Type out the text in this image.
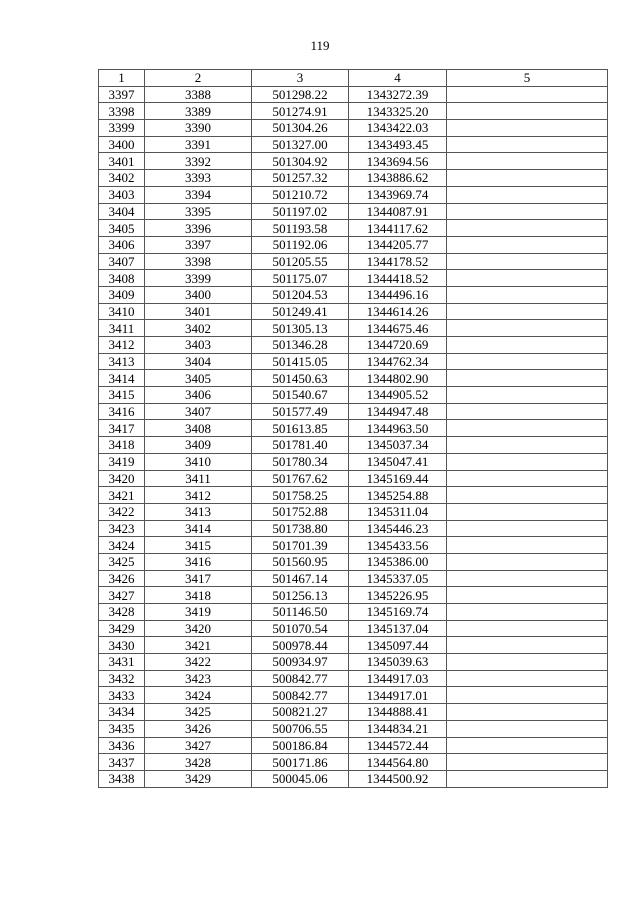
119
1	2	3	4	5
3397	3388	501298.22	1343272.39	
3398	3389	501274.91	1343325.20	
3399	3390	501304.26	1343422.03	
3400	3391	501327.00	1343493.45	
3401	3392	501304.92	1343694.56	
3402	3393	501257.32	1343886.62	
3403	3394	501210.72	1343969.74	
3404	3395	501197.02	1344087.91	
3405	3396	501193.58	1344117.62	
3406	3397	501192.06	1344205.77	
3407	3398	501205.55	1344178.52	
3408	3399	501175.07	1344418.52	
3409	3400	501204.53	1344496.16	
3410	3401	501249.41	1344614.26	
3411	3402	501305.13	1344675.46	
3412	3403	501346.28	1344720.69	
3413	3404	501415.05	1344762.34	
3414	3405	501450.63	1344802.90	
3415	3406	501540.67	1344905.52	
3416	3407	501577.49	1344947.48	
3417	3408	501613.85	1344963.50	
3418	3409	501781.40	1345037.34	
3419	3410	501780.34	1345047.41	
3420	3411	501767.62	1345169.44	
3421	3412	501758.25	1345254.88	
3422	3413	501752.88	1345311.04	
3423	3414	501738.80	1345446.23	
3424	3415	501701.39	1345433.56	
3425	3416	501560.95	1345386.00	
3426	3417	501467.14	1345337.05	
3427	3418	501256.13	1345226.95	
3428	3419	501146.50	1345169.74	
3429	3420	501070.54	1345137.04	
3430	3421	500978.44	1345097.44	
3431	3422	500934.97	1345039.63	
3432	3423	500842.77	1344917.03	
3433	3424	500842.77	1344917.01	
3434	3425	500821.27	1344888.41	
3435	3426	500706.55	1344834.21	
3436	3427	500186.84	1344572.44	
3437	3428	500171.86	1344564.80	
3438	3429	500045.06	1344500.92	
